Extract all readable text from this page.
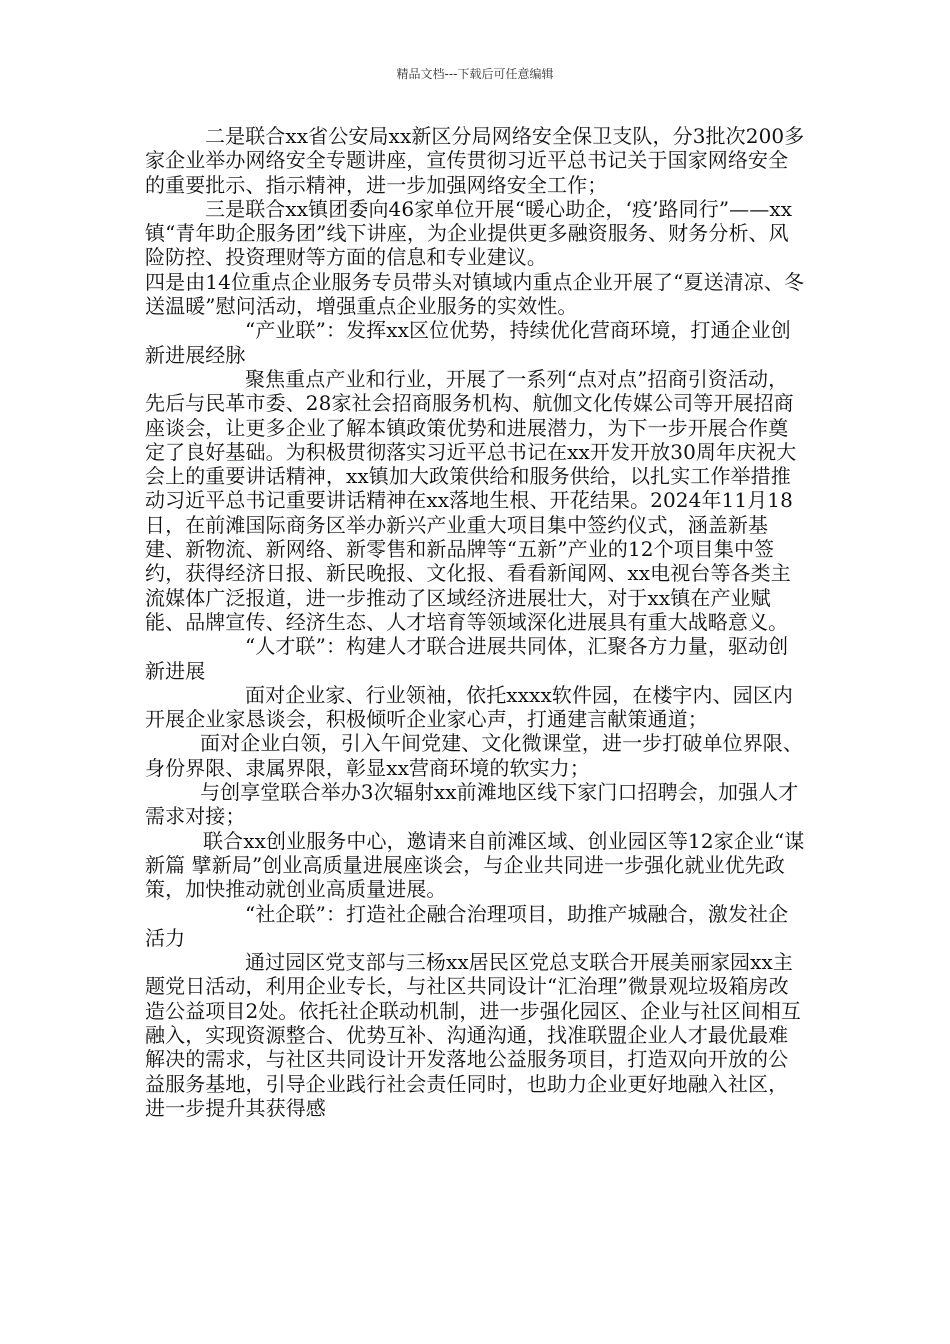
精品文档---下载后可任意编辑

二是联合xx省公安局xx新区分局网络安全保卫支队，分3批次200多家企业举办网络安全专题讲座，宣传贯彻习近平总书记关于国家网络安全的重要批示、指示精神，进一步加强网络安全工作；

三是联合xx镇团委向46家单位开展“暖心助企，‘疫’路同行”——xx镇“青年助企服务团”线下讲座，为企业提供更多融资服务、财务分析、风险防控、投资理财等方面的信息和专业建议。

四是由14位重点企业服务专员带头对镇域内重点企业开展了“夏送清凉、冬送温暖”慰问活动，增强重点企业服务的实效性。

“产业联”：发挥xx区位优势，持续优化营商环境，打通企业创新进展经脉

聚焦重点产业和行业，开展了一系列“点对点”招商引资活动，先后与民革市委、28家社会招商服务机构、航伽文化传媒公司等开展招商座谈会，让更多企业了解本镇政策优势和进展潜力，为下一步开展合作奠定了良好基础。为积极贯彻落实习近平总书记在xx开发开放30周年庆祝大会上的重要讲话精神，xx镇加大政策供给和服务供给，以扎实工作举措推动习近平总书记重要讲话精神在xx落地生根、开花结果。2024年11月18日，在前滩国际商务区举办新兴产业重大项目集中签约仪式，涵盖新基建、新物流、新网络、新零售和新品牌等“五新”产业的12个项目集中签约，获得经济日报、新民晚报、文化报、看看新闻网、xx电视台等各类主流媒体广泛报道，进一步推动了区域经济进展壮大，对于xx镇在产业赋能、品牌宣传、经济生态、人才培育等领域深化进展具有重大战略意义。

“人才联”：构建人才联合进展共同体，汇聚各方力量，驱动创新进展

面对企业家、行业领袖，依托xxxx软件园，在楼宇内、园区内开展企业家恳谈会，积极倾听企业家心声，打通建言献策通道；

面对企业白领，引入午间党建、文化微课堂，进一步打破单位界限、身份界限、隶属界限，彰显xx营商环境的软实力；

与创享堂联合举办3次辐射xx前滩地区线下家门口招聘会，加强人才需求对接；

联合xx创业服务中心，邀请来自前滩区域、创业园区等12家企业“谋新篇 擘新局”创业高质量进展座谈会，与企业共同进一步强化就业优先政策，加快推动就创业高质量进展。

“社企联”：打造社企融合治理项目，助推产城融合，激发社企活力

通过园区党支部与三杨xx居民区党总支联合开展美丽家园xx主题党日活动，利用企业专长，与社区共同设计“汇治理”微景观垃圾箱房改造公益项目2处。依托社企联动机制，进一步强化园区、企业与社区间相互融入，实现资源整合、优势互补、沟通沟通，找准联盟企业人才最优最难解决的需求，与社区共同设计开发落地公益服务项目，打造双向开放的公益服务基地，引导企业践行社会责任同时，也助力企业更好地融入社区，进一步提升其获得感
